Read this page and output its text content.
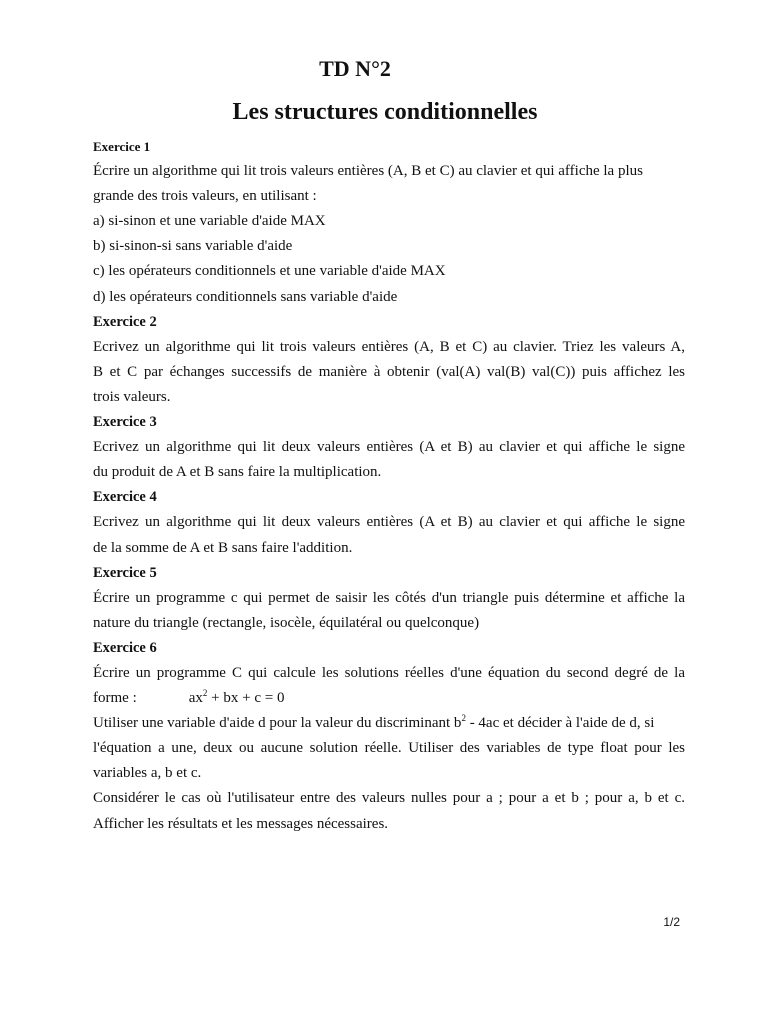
TD N°2
Les structures conditionnelles
Exercice 1
Écrire un algorithme qui lit trois valeurs entières (A, B et C) au clavier et qui affiche la plus
grande des trois valeurs, en utilisant :
a) si-sinon et une variable d'aide MAX
b) si-sinon-si sans variable d'aide
c) les opérateurs conditionnels et une variable d'aide MAX
d) les opérateurs conditionnels sans variable d'aide
Exercice 2
Ecrivez un algorithme qui lit trois valeurs entières (A, B et C) au clavier. Triez les valeurs A,
B et C par échanges successifs de manière à obtenir (val(A) val(B) val(C)) puis affichez les
trois valeurs.
Exercice 3
Ecrivez un algorithme qui lit deux valeurs entières (A et B) au clavier et qui affiche le signe
du produit de A et B sans faire la multiplication.
Exercice 4
Ecrivez un algorithme qui lit deux valeurs entières (A et B) au clavier et qui affiche le signe
de la somme de A et B sans faire l'addition.
Exercice 5
Écrire un programme c qui permet de saisir les côtés d'un triangle puis détermine et affiche la
nature du triangle (rectangle, isocèle, équilatéral ou quelconque)
Exercice 6
Écrire un programme C qui calcule les solutions réelles d'une équation du second degré de la
forme :	$ax^2$ + bx + c = 0
Utiliser une variable d'aide d pour la valeur du discriminant $b^2 - 4ac$ et décider à l'aide de d, si
l'équation a une, deux ou aucune solution réelle. Utiliser des variables de type float pour les
variables a, b et c.
Considérer le cas où l'utilisateur entre des valeurs nulles pour a ; pour a et b ; pour a, b et c.
Afficher les résultats et les messages nécessaires.
1/2
